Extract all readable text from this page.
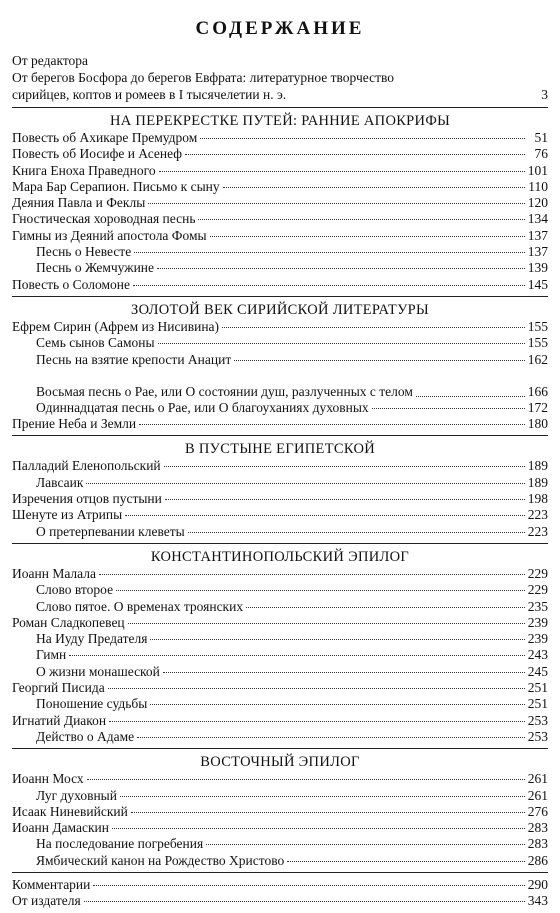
СОДЕРЖАНИЕ
От редактора
От берегов Босфора до берегов Евфрата: литературное творчество
сирийцев, коптов и ромеев в I тысячелетии н. э.	3
НА ПЕРЕКРЕСТКЕ ПУТЕЙ: РАННИЕ АПОКРИФЫ
Повесть об Ахикаре Премудром	51
Повесть об Иосифе и Асенеф	76
Книга Еноха Праведного	101
Мара Бар Серапион. Письмо к сыну	110
Деяния Павла и Феклы	120
Гностическая хороводная песнь	134
Гимны из Деяний апостола Фомы	137
Песнь о Невесте	137
Песнь о Жемчужине	139
Повесть о Соломоне	145
ЗОЛОТОЙ ВЕК СИРИЙСКОЙ ЛИТЕРАТУРЫ
Ефрем Сирин (Афрем из Нисивина)	155
Семь сынов Самоны	155
Песнь на взятие крепости Анацит	162
Восьмая песнь о Рае, или О состоянии душ, разлученных с телом	166
Одиннадцатая песнь о Рае, или О благоуханиях духовных	172
Прение Неба и Земли	180
В ПУСТЫНЕ ЕГИПЕТСКОЙ
Палладий Еленопольский	189
Лавсаик	189
Изречения отцов пустыни	198
Шенуте из Атрипы	223
О претерпевании клеветы	223
КОНСТАНТИНОПОЛЬСКИЙ ЭПИЛОГ
Иоанн Малала	229
Слово второе	229
Слово пятое. О временах троянских	235
Роман Сладкопевец	239
На Иуду Предателя	239
Гимн	243
О жизни монашеской	245
Георгий Писида	251
Поношение судьбы	251
Игнатий Диакон	253
Действо о Адаме	253
ВОСТОЧНЫЙ ЭПИЛОГ
Иоанн Мосх	261
Луг духовный	261
Исаак Ниневийский	276
Иоанн Дамаскин	283
На последование погребения	283
Ямбический канон на Рождество Христово	286
Комментарии	290
От издателя	343
